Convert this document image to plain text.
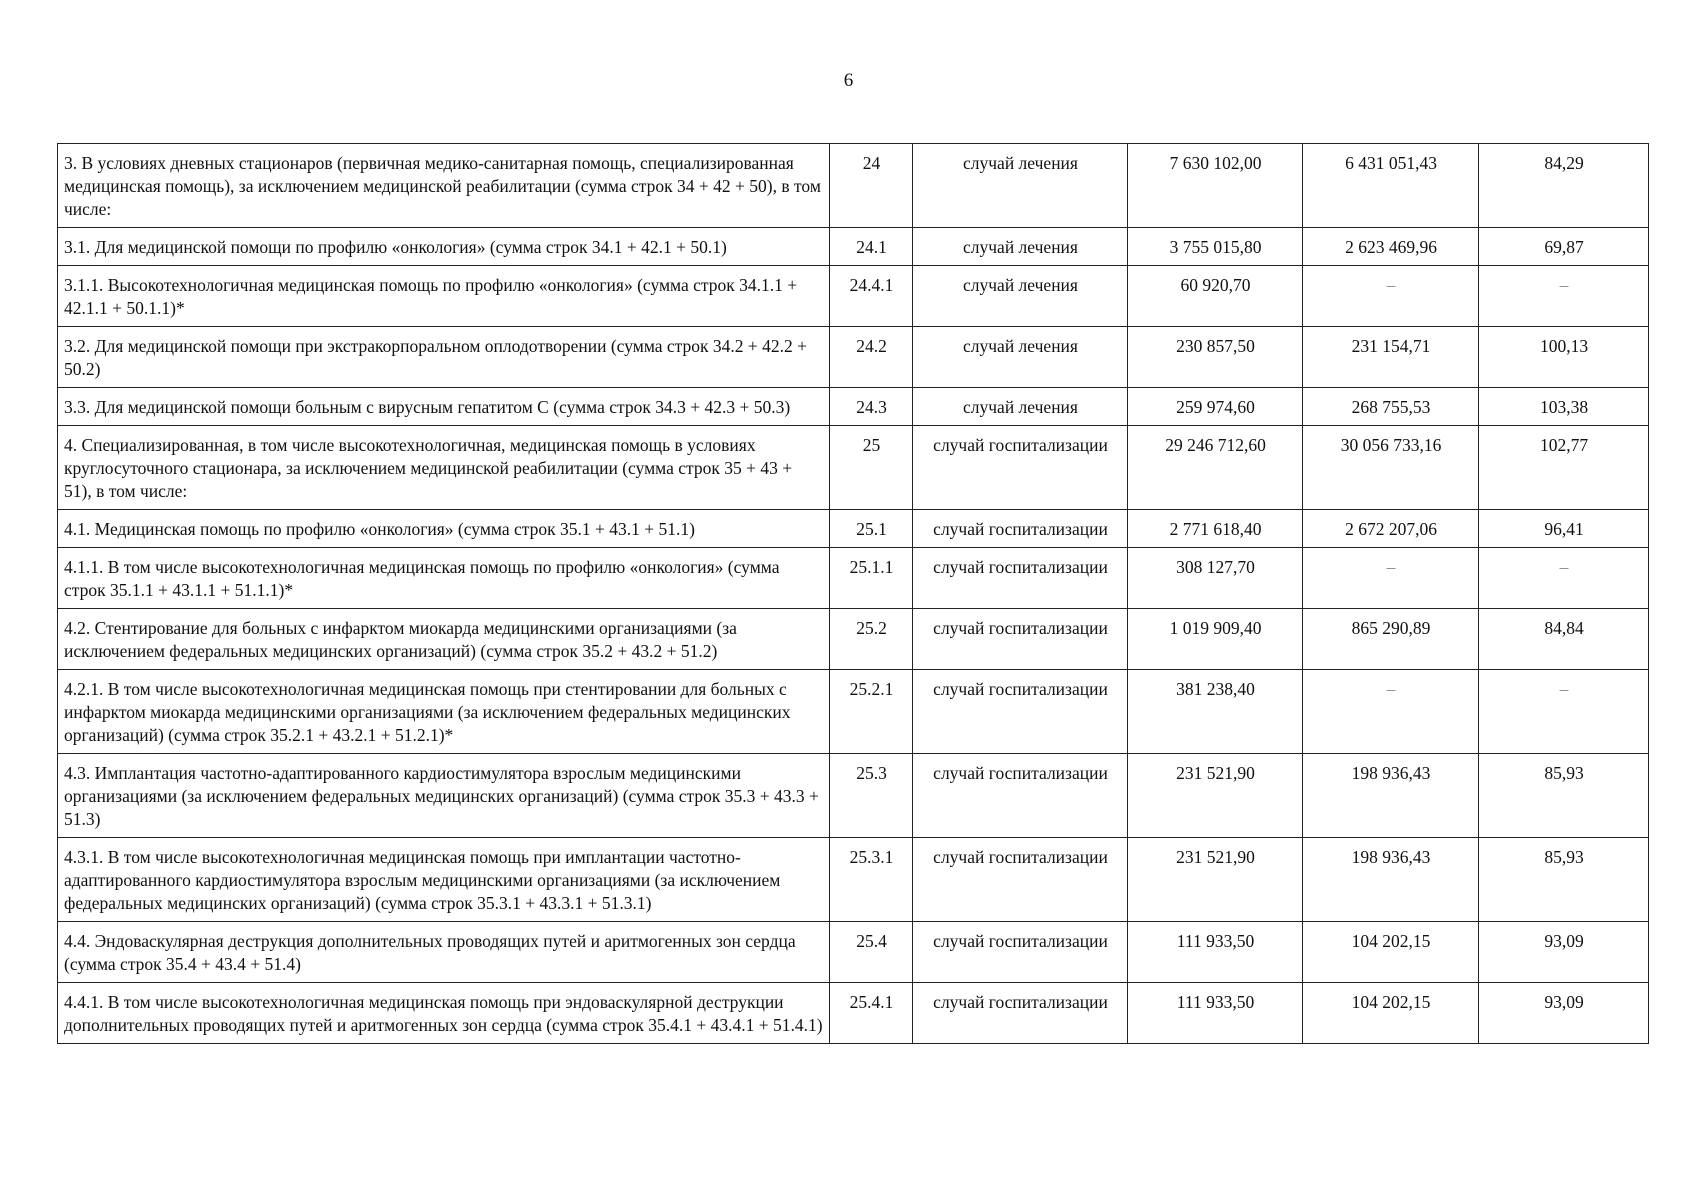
6
3. В условиях дневных стационаров (первичная медико-санитарная помощь, специализированная медицинская помощь), за исключением медицинской реабилитации (сумма строк 34 + 42 + 50), в том числе:	24	случай лечения	7 630 102,00	6 431 051,43	84,29
3.1. Для медицинской помощи по профилю «онкология» (сумма строк 34.1 + 42.1 + 50.1)	24.1	случай лечения	3 755 015,80	2 623 469,96	69,87
3.1.1. Высокотехнологичная медицинская помощь по профилю «онкология» (сумма строк 34.1.1 + 42.1.1 + 50.1.1)*	24.4.1	случай лечения	60 920,70	–	–
3.2. Для медицинской помощи при экстракорпоральном оплодотворении (сумма строк 34.2 + 42.2 + 50.2)	24.2	случай лечения	230 857,50	231 154,71	100,13
3.3. Для медицинской помощи больным с вирусным гепатитом С (сумма строк 34.3 + 42.3 + 50.3)	24.3	случай лечения	259 974,60	268 755,53	103,38
4. Специализированная, в том числе высокотехнологичная, медицинская помощь в условиях круглосуточного стационара, за исключением медицинской реабилитации (сумма строк 35 + 43 + 51), в том числе:	25	случай госпитализации	29 246 712,60	30 056 733,16	102,77
4.1. Медицинская помощь по профилю «онкология» (сумма строк 35.1 + 43.1 + 51.1)	25.1	случай госпитализации	2 771 618,40	2 672 207,06	96,41
4.1.1. В том числе высокотехнологичная медицинская помощь по профилю «онкология» (сумма строк 35.1.1 + 43.1.1 + 51.1.1)*	25.1.1	случай госпитализации	308 127,70	–	–
4.2. Стентирование для больных с инфарктом миокарда медицинскими организациями (за исключением федеральных медицинских организаций) (сумма строк 35.2 + 43.2 + 51.2)	25.2	случай госпитализации	1 019 909,40	865 290,89	84,84
4.2.1. В том числе высокотехнологичная медицинская помощь при стентировании для больных с инфарктом миокарда медицинскими организациями (за исключением федеральных медицинских организаций) (сумма строк 35.2.1 + 43.2.1 + 51.2.1)*	25.2.1	случай госпитализации	381 238,40	–	–
4.3. Имплантация частотно-адаптированного кардиостимулятора взрослым медицинскими организациями (за исключением федеральных медицинских организаций) (сумма строк 35.3 + 43.3 + 51.3)	25.3	случай госпитализации	231 521,90	198 936,43	85,93
4.3.1. В том числе высокотехнологичная медицинская помощь при имплантации частотно-адаптированного кардиостимулятора взрослым медицинскими организациями (за исключением федеральных медицинских организаций) (сумма строк 35.3.1 + 43.3.1 + 51.3.1)	25.3.1	случай госпитализации	231 521,90	198 936,43	85,93
4.4. Эндоваскулярная деструкция дополнительных проводящих путей и аритмогенных зон сердца (сумма строк 35.4 + 43.4 + 51.4)	25.4	случай госпитализации	111 933,50	104 202,15	93,09
4.4.1. В том числе высокотехнологичная медицинская помощь при эндоваскулярной деструкции дополнительных проводящих путей и аритмогенных зон сердца (сумма строк 35.4.1 + 43.4.1 + 51.4.1)	25.4.1	случай госпитализации	111 933,50	104 202,15	93,09
